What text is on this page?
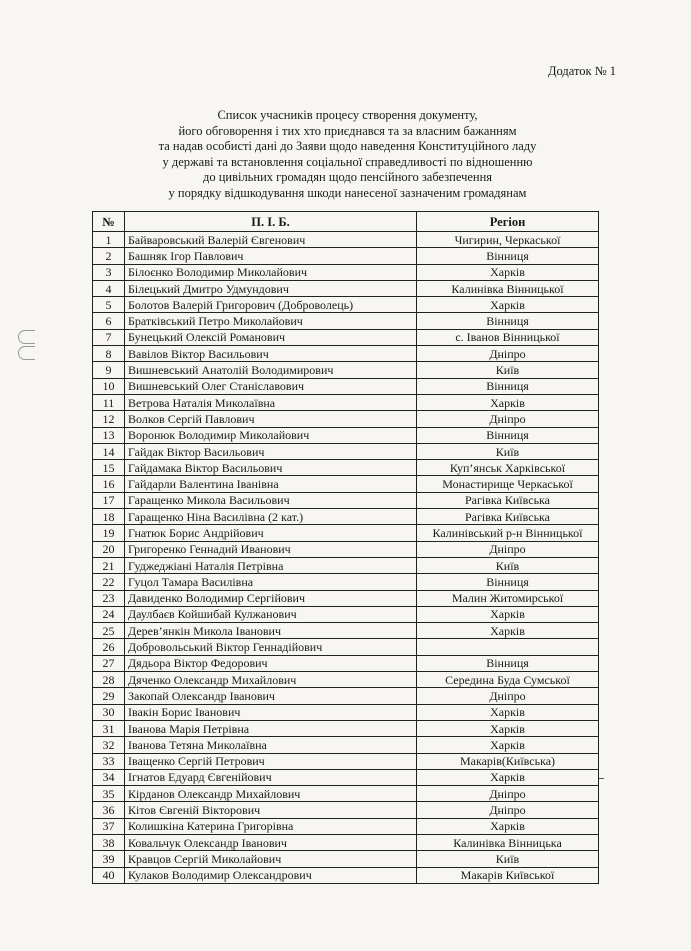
Додаток № 1
Список учасників процесу створення документу,
його обговорення і тих хто приєднався та за власним бажанням
та надав особисті дані до Заяви щодо наведення Конституційного ладу
у державі та встановлення соціальної справедливості по відношенню
до цивільних громадян щодо пенсійного забезпечення
у порядку відшкодування шкоди нанесеної зазначеним громадянам
№	П. І. Б.	Регіон
1	Байваровський Валерій Євгенович	Чигирин, Черкаської
2	Башняк Ігор Павлович	Вінниця
3	Білоєнко Володимир Миколайович	Харків
4	Білецький Дмитро Удмундович	Калинівка Вінницької
5	Болотов Валерій Григорович (Доброволець)	Харків
6	Братківський Петро Миколайович	Вінниця
7	Бунецький Олексій Романович	с. Іванов Вінницької
8	Вавілов Віктор Васильович	Дніпро
9	Вишневський Анатолій Володимирович	Київ
10	Вишневський Олег Станіславович	Вінниця
11	Ветрова Наталія Миколаївна	Харків
12	Волков Сергій Павлович	Дніпро
13	Воронюк Володимир Миколайович	Вінниця
14	Гайдак Віктор Васильович	Київ
15	Гайдамака Віктор Васильович	Куп’янськ Харківської
16	Гайдарли Валентина Іванівна	Монастирище Черкаської
17	Гаращенко Микола Васильович	Рагівка Київська
18	Гаращенко Ніна Василівна (2 кат.)	Рагівка Київська
19	Гнатюк Борис Андрійович	Калинівський р-н Вінницької
20	Григоренко Геннадий Иванович	Дніпро
21	Гуджеджіані Наталія Петрівна	Київ
22	Гуцол Тамара Василівна	Вінниця
23	Давиденко Володимир Сергійович	Малин Житомирської
24	Даулбаєв Койшибай Кулжанович	Харків
25	Дерев’янкін Микола Іванович	Харків
26	Добровольський Віктор Геннадійович	
27	Дядьора Віктор Федорович	Вінниця
28	Дяченко Олександр Михайлович	Середина Буда Сумської
29	Закопай Олександр Іванович	Дніпро
30	Івакін Борис Іванович	Харків
31	Іванова Марія Петрівна	Харків
32	Іванова Тетяна Миколаївна	Харків
33	Іващенко Сергій Петрович	Макарів(Київська)
34	Ігнатов Едуард Євгенійович	Харків
35	Кірданов Олександр Михайлович	Дніпро
36	Кітов Євгеній Вікторович	Дніпро
37	Колишкіна Катерина Григорівна	Харків
38	Ковальчук Олександр Іванович	Калинівка Вінницька
39	Кравцов Сергій Миколайович	Київ
40	Кулаков Володимир Олександрович	Макарів Київської
